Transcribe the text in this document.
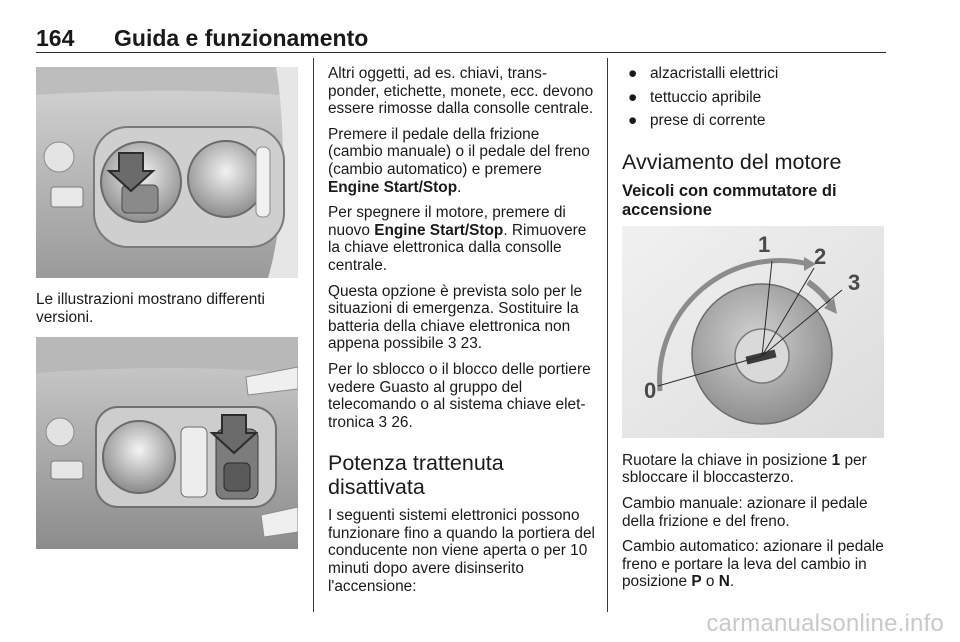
164 Guida e funzionamento
Le illustrazioni mostrano differenti versioni.

Altri oggetti, ad es. chiavi, trans-ponder, etichette, monete, ecc. devono essere rimosse dalla consolle centrale.

Premere il pedale della frizione (cambio manuale) o il pedale del freno (cambio automatico) e premere Engine Start/Stop.

Per spegnere il motore, premere di nuovo Engine Start/Stop. Rimuovere la chiave elettronica dalla consolle centrale.

Questa opzione è prevista solo per le situazioni di emergenza. Sostituire la batteria della chiave elettronica non appena possibile 3 23.

Per lo sblocco o il blocco delle portiere vedere Guasto al gruppo del telecomando o al sistema chiave elet-tronica 3 26.

Potenza trattenuta disattivata

I seguenti sistemi elettronici possono funzionare fino a quando la portiera del conducente non viene aperta o per 10 minuti dopo avere disinserito l'accensione:

● alzacristalli elettrici
● tettuccio apribile
● prese di corrente
Avviamento del motore
Veicoli con commutatore di accensione
1 2
3
0

Ruotare la chiave in posizione 1 per sbloccare il bloccasterzo.

Cambio manuale: azionare il pedale della frizione e del freno.

Cambio automatico: azionare il pedale freno e portare la leva del cambio in posizione P o N.

carmanualsonline.info
